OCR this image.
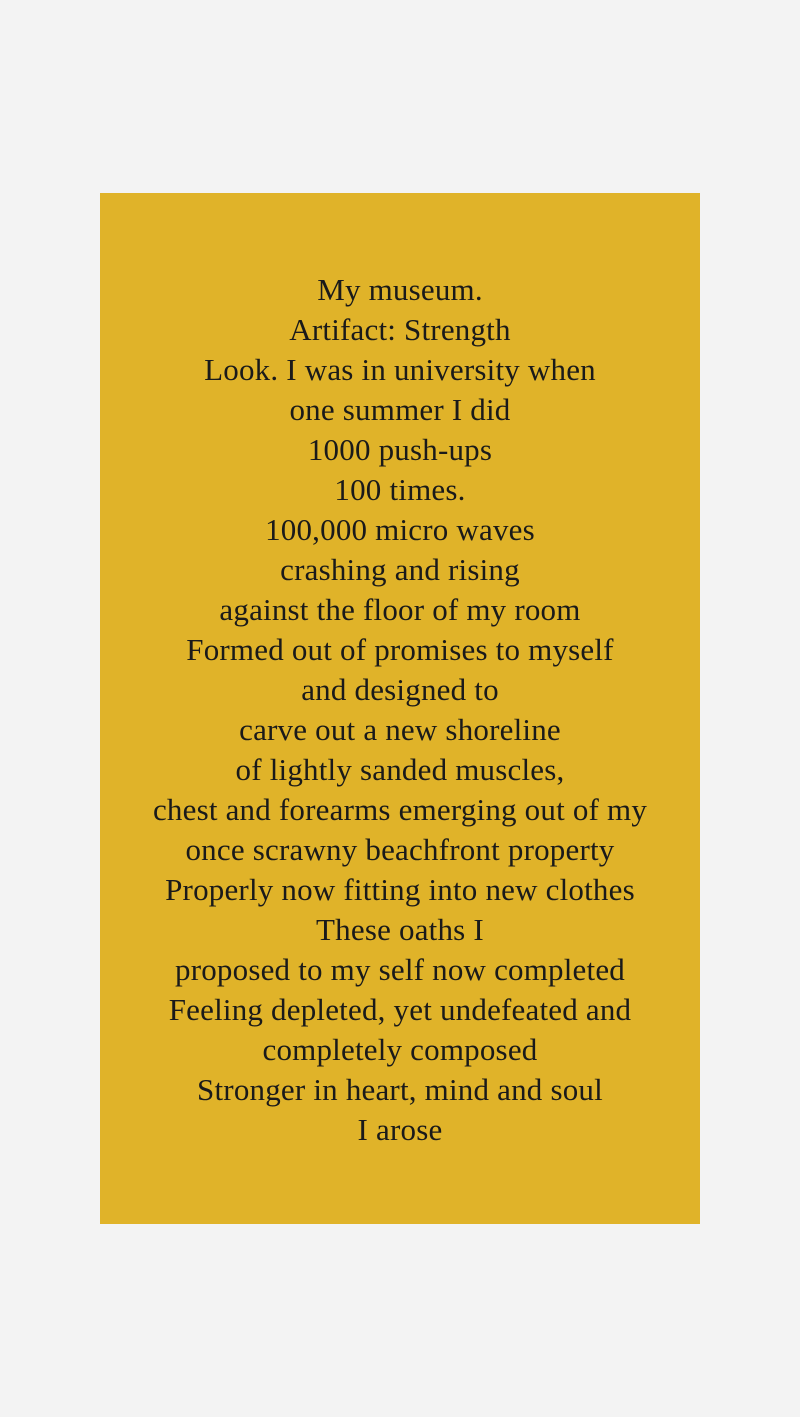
My museum.
Artifact: Strength
Look. I was in university when
one summer I did
1000 push-ups
100 times.
100,000 micro waves
crashing and rising
against the floor of my room
Formed out of promises to myself
and designed to
carve out a new shoreline
of lightly sanded muscles,
chest and forearms emerging out of my
once scrawny beachfront property
Properly now fitting into new clothes
These oaths I
proposed to my self now completed
Feeling depleted, yet undefeated and
completely composed
Stronger in heart, mind and soul
I arose
